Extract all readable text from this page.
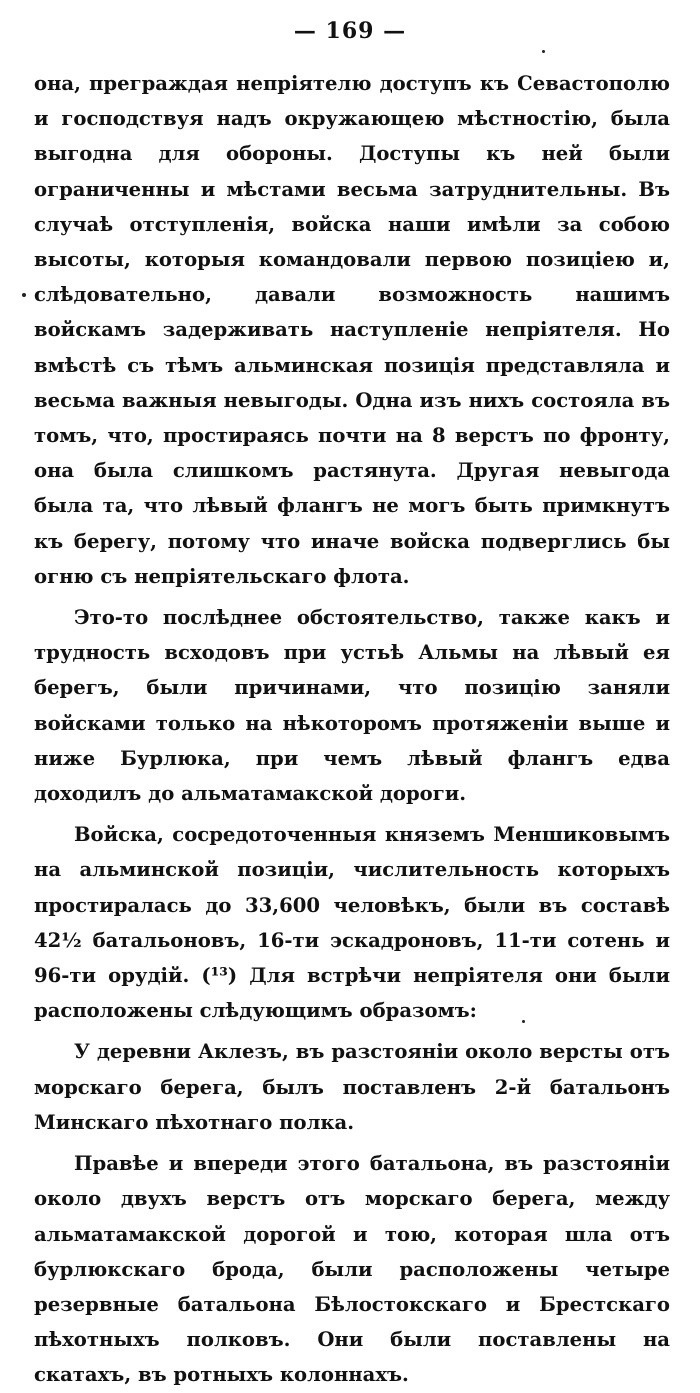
— 169 —

она, преграждая непріятелю доступъ къ Севастополю и господствуя надъ окружающею мѣстностію, была выгодна для обороны. Доступы къ ней были ограниченны и мѣстами весьма затруднительны. Въ случаѣ отступленія, войска наши имѣли за собою высоты, которыя командовали первою позиціею и, слѣдовательно, давали возможность нашимъ войскамъ задерживать наступленіе непріятеля. Но вмѣстѣ съ тѣмъ альминская позиція представляла и весьма важныя невыгоды. Одна изъ нихъ состояла въ томъ, что, простираясь почти на 8 верстъ по фронту, она была слишкомъ растянута. Другая невыгода была та, что лѣвый флангъ не могъ быть примкнутъ къ берегу, потому что иначе войска подверглись бы огню съ непріятельскаго флота.

Это-то послѣднее обстоятельство, также какъ и трудность всходовъ при устьѣ Альмы на лѣвый ея берегъ, были причинами, что позицію заняли войсками только на нѣкоторомъ протяженіи выше и ниже Бурлюка, при чемъ лѣвый флангъ едва доходилъ до альматамакской дороги.

Войска, сосредоточенныя княземъ Меншиковымъ на альминской позиціи, числительность которыхъ простиралась до 33,600 человѣкъ, были въ составѣ 42½ батальоновъ, 16-ти эскадроновъ, 11-ти сотень и 96-ти орудій. (¹³) Для встрѣчи непріятеля они были расположены слѣдующимъ образомъ:

У деревни Аклезъ, въ разстояніи около версты отъ морскаго берега, былъ поставленъ 2-й батальонъ Минскаго пѣхотнаго полка.

Правѣе и впереди этого батальона, въ разстояніи около двухъ верстъ отъ морскаго берега, между альматамакской дорогой и тою, которая шла отъ бурлюкскаго брода, были расположены четыре резервные батальона Бѣлостокскаго и Брестскаго пѣхотныхъ полковъ. Они были поставлены на скатахъ, въ ротныхъ колоннахъ.
